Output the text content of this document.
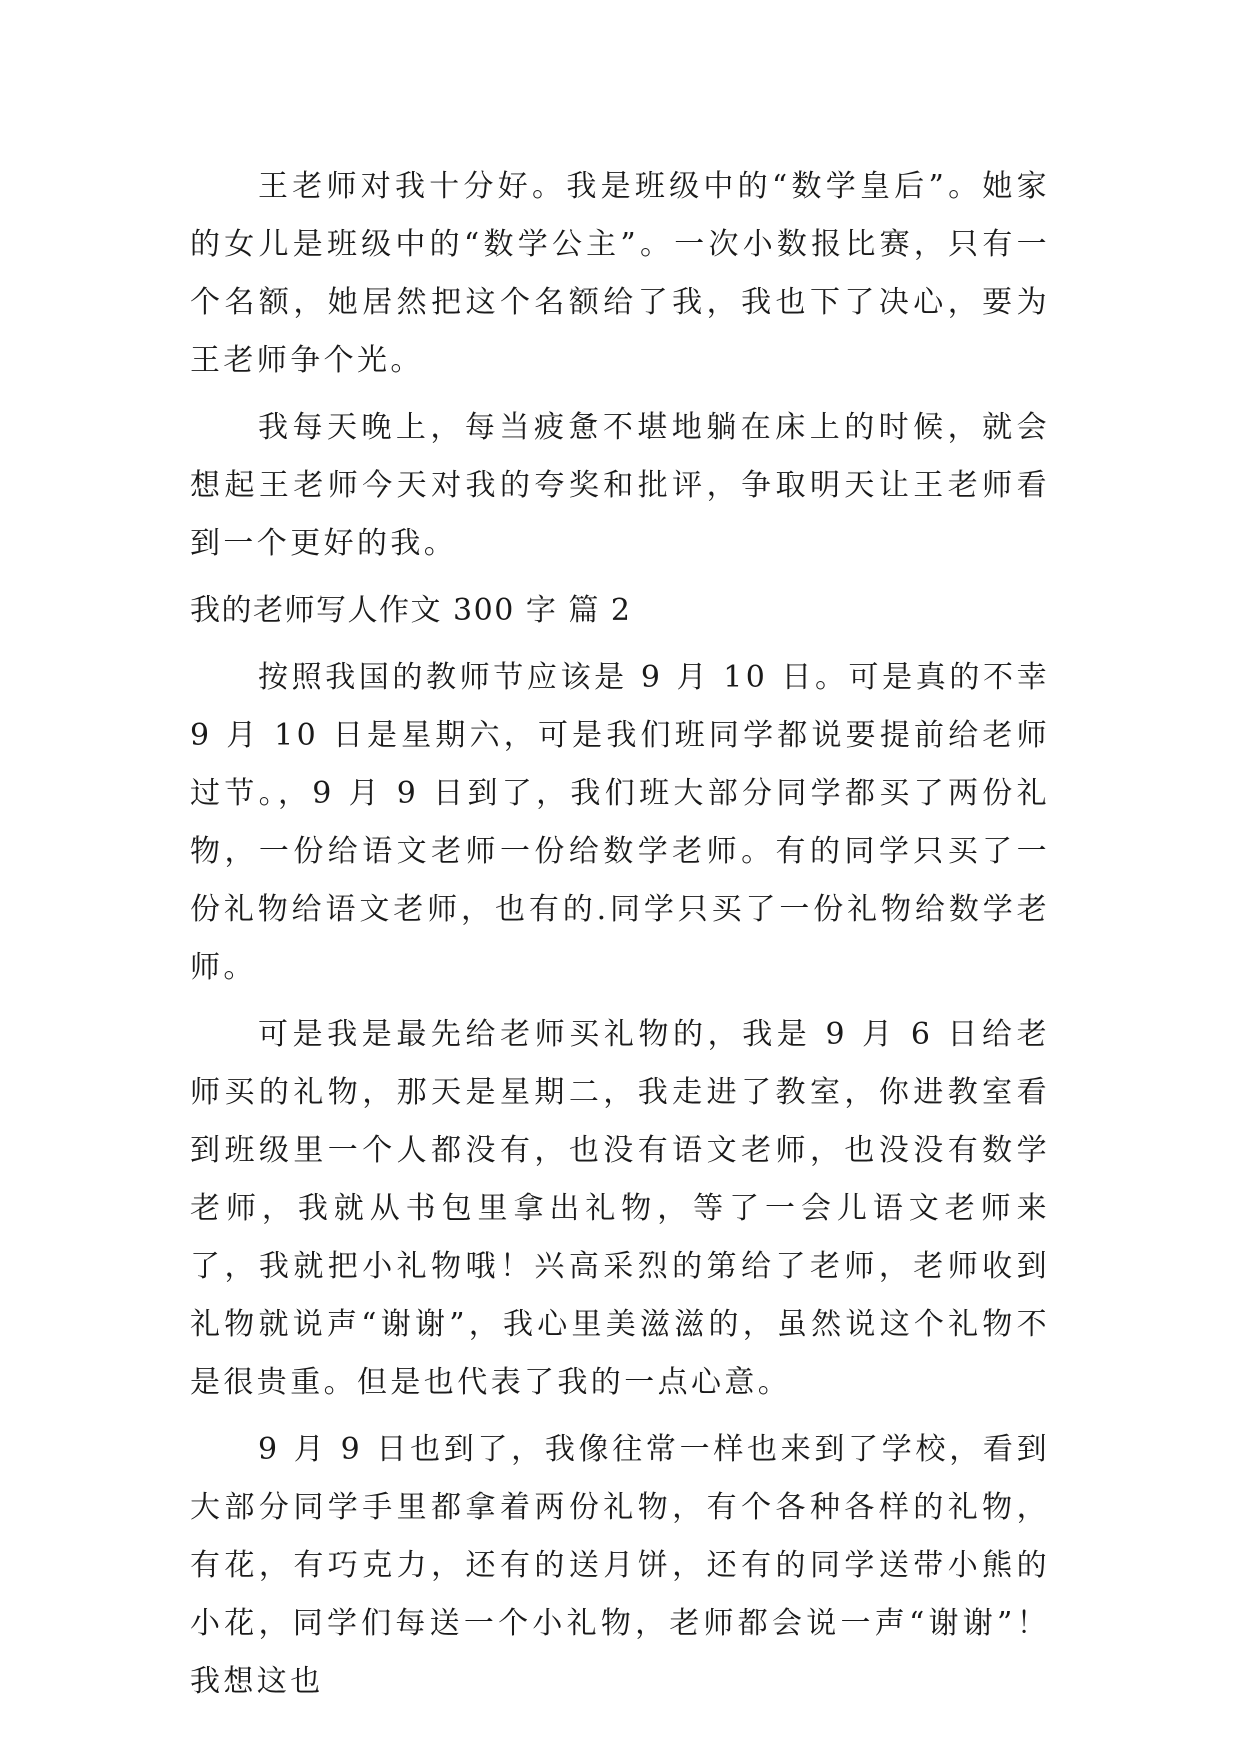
王老师对我十分好。我是班级中的“数学皇后”。她家的女儿是班级中的“数学公主”。一次小数报比赛，只有一个名额，她居然把这个名额给了我，我也下了决心，要为王老师争个光。

我每天晚上，每当疲惫不堪地躺在床上的时候，就会想起王老师今天对我的夸奖和批评，争取明天让王老师看到一个更好的我。

我的老师写人作文 300 字 篇 2

按照我国的教师节应该是 9 月 10 日。可是真的不幸 9 月 10 日是星期六，可是我们班同学都说要提前给老师过节。，9 月 9 日到了，我们班大部分同学都买了两份礼物，一份给语文老师一份给数学老师。有的同学只买了一份礼物给语文老师，也有的.同学只买了一份礼物给数学老师。

可是我是最先给老师买礼物的，我是 9 月 6 日给老师买的礼物，那天是星期二，我走进了教室，你进教室看到班级里一个人都没有，也没有语文老师，也没没有数学老师，我就从书包里拿出礼物，等了一会儿语文老师来了，我就把小礼物哦！兴高采烈的第给了老师，老师收到礼物就说声“谢谢”，我心里美滋滋的，虽然说这个礼物不是很贵重。但是也代表了我的一点心意。

9 月 9 日也到了，我像往常一样也来到了学校，看到大部分同学手里都拿着两份礼物，有个各种各样的礼物，有花，有巧克力，还有的送月饼，还有的同学送带小熊的小花，同学们每送一个小礼物，老师都会说一声“谢谢”！我想这也
